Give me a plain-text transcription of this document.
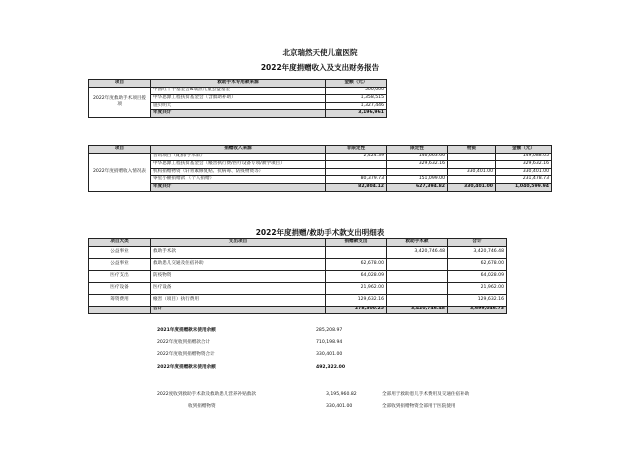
北京瑞然天使儿童医院
2022年度捐赠收入及支出财务报告
项目	救助手术专用款来源	金额（元）
2022年度救助手术项目拨项	中国红十字基金会&瑞然儿童公益基金	500,000
	中华思源工程扶贫基金会（含救助补助）	1,358,515
	施贝明天	1,327,446
	年度共计	3,196,961
项目	捐赠收入来源	非限定性	限定性	物资	金额（元）
2022年度捐赠收入情况表	善讯项目（配捐/手术款）	2,424.39	146,663.66		149,088.05
	中华思源工程扶贫基金会（瘢害执行费/医疗设备专项/教学项目）		329,632.16		329,632.16
	机构捐赠物资（轩青素修复贴、抗病毒、防疫物资等）			330,401.00	330,401.00
	零星小额捐赠款 （个人捐赠）	80,379.73	151,099.00		231,478.73
	年度共计	82,804.12	627,394.82	330,401.00	1,040,599.94
2022年度捐赠/救助手术款支出明细表
项目大类	支出项目	捐赠款支出	救助手术款	合计
公益事业	救助手术款		3,420,746.48	3,420,746.48
公益事业	救助患儿交通及住宿补助	62,678.00		62,678.00
医疗支出	防疫物资	64,028.09		64,028.09
医疗设备	医疗设备	21,962.00		21,962.00
筹资费用	瘢害（项目）执行费用	129,632.16		129,632.16
	合计	278,300.25	3,420,746.48	3,699,046.73
2021年度捐赠款未使用余额	285,208.97
2022年度收到捐赠款合计	710,198.94
2022年度收到捐赠物资合计	330,401.00
2022年度捐赠款未使用余额	492,322.00
2022度收到救助手术款及救助患儿营养补贴救款	3,195,960.82	全部用于救助患儿手术费用及交通住宿补助
收到捐赠物资	330,401.00	全部收到捐赠物资全部用于医院使用
